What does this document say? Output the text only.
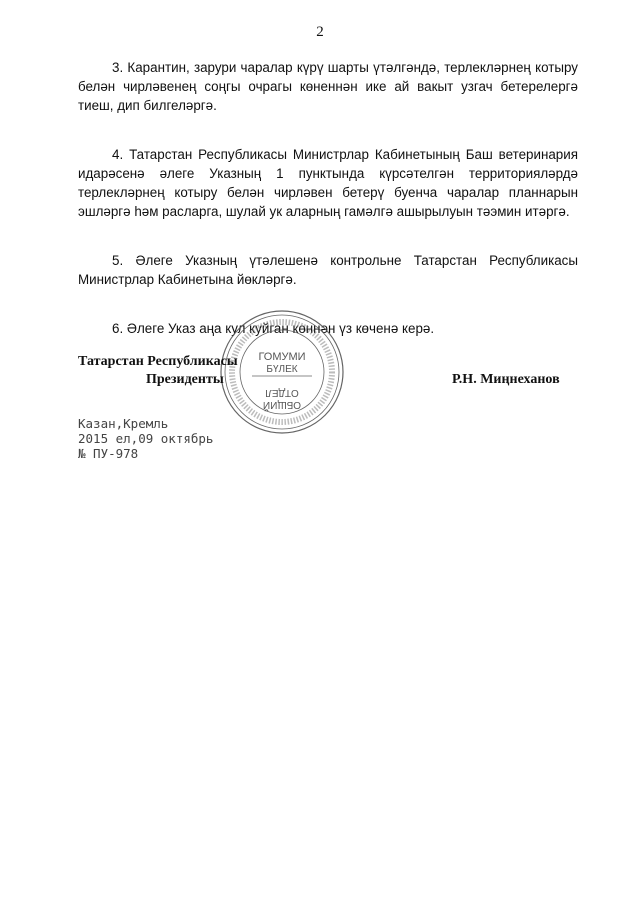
2

3. Карантин, зарури чаралар күрү шарты үтәлгәндә, терлекләрнең котыру белән чирләвенең соңгы очрагы көненнән ике ай вакыт узгач бетерелергә тиеш, дип билгеләргә.

4. Татарстан Республикасы Министрлар Кабинетының Баш ветеринария идарәсенә әлеге Указның 1 пунктында күрсәтелгән территорияләрдә терлекләрнең котыру белән чирләвен бетерү буенча чаралар планнарын эшләргә һәм расларга, шулай ук аларның гамәлгә ашырылуын тәэмин итәргә.

5. Әлеге Указның үтәлешенә контрольне Татарстан Республикасы Министрлар Кабинетына йөкләргә.

6. Әлеге Указ аңа кул куйган көннән үз көченә керә.

ГОМУМИ
БҮЛЕК
ОТДЕЛ
ОБЩИЙ
Татарстан Республикасы
Президенты	Р.Н. Миңнеханов
Казан,Кремль
2015 ел,09 октябрь
№ ПУ-978
